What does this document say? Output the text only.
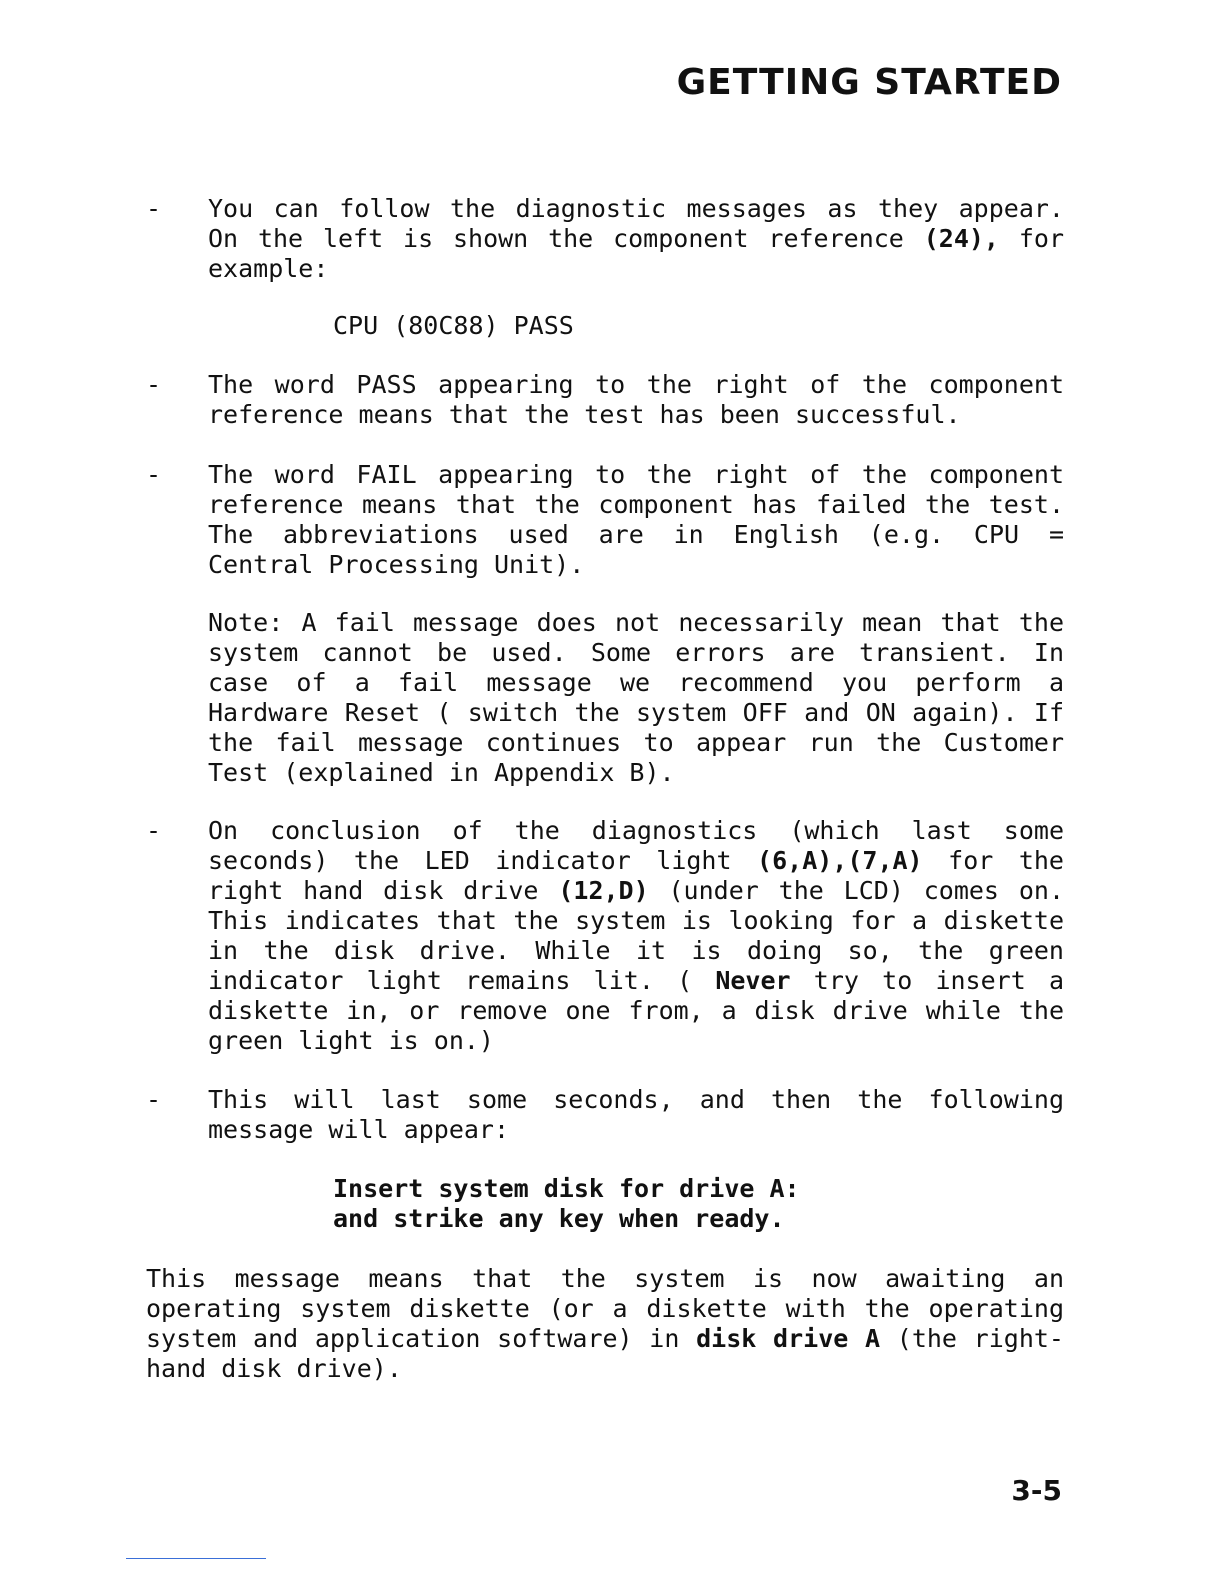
GETTING STARTED
- You can follow the diagnostic messages as they appear. On the left is shown the component reference (24), for example:

CPU (80C88) PASS

- The word PASS appearing to the right of the component reference means that the test has been successful.

- The word FAIL appearing to the right of the component reference means that the component has failed the test. The abbreviations used are in English (e.g. CPU = Central Processing Unit).

Note: A fail message does not necessarily mean that the system cannot be used. Some errors are transient. In case of a fail message we recommend you perform a Hardware Reset ( switch the system OFF and ON again). If the fail message continues to appear run the Customer Test (explained in Appendix B).

- On conclusion of the diagnostics (which last some seconds) the LED indicator light (6,A),(7,A) for the right hand disk drive (12,D) (under the LCD) comes on. This indicates that the system is looking for a diskette in the disk drive. While it is doing so, the green indicator light remains lit. ( Never try to insert a diskette in, or remove one from, a disk drive while the green light is on.)

- This will last some seconds, and then the following message will appear:

Insert system disk for drive A:

and strike any key when ready.

This message means that the system is now awaiting an operating system diskette (or a diskette with the operating system and application software) in disk drive A (the right-hand disk drive).

3-5
